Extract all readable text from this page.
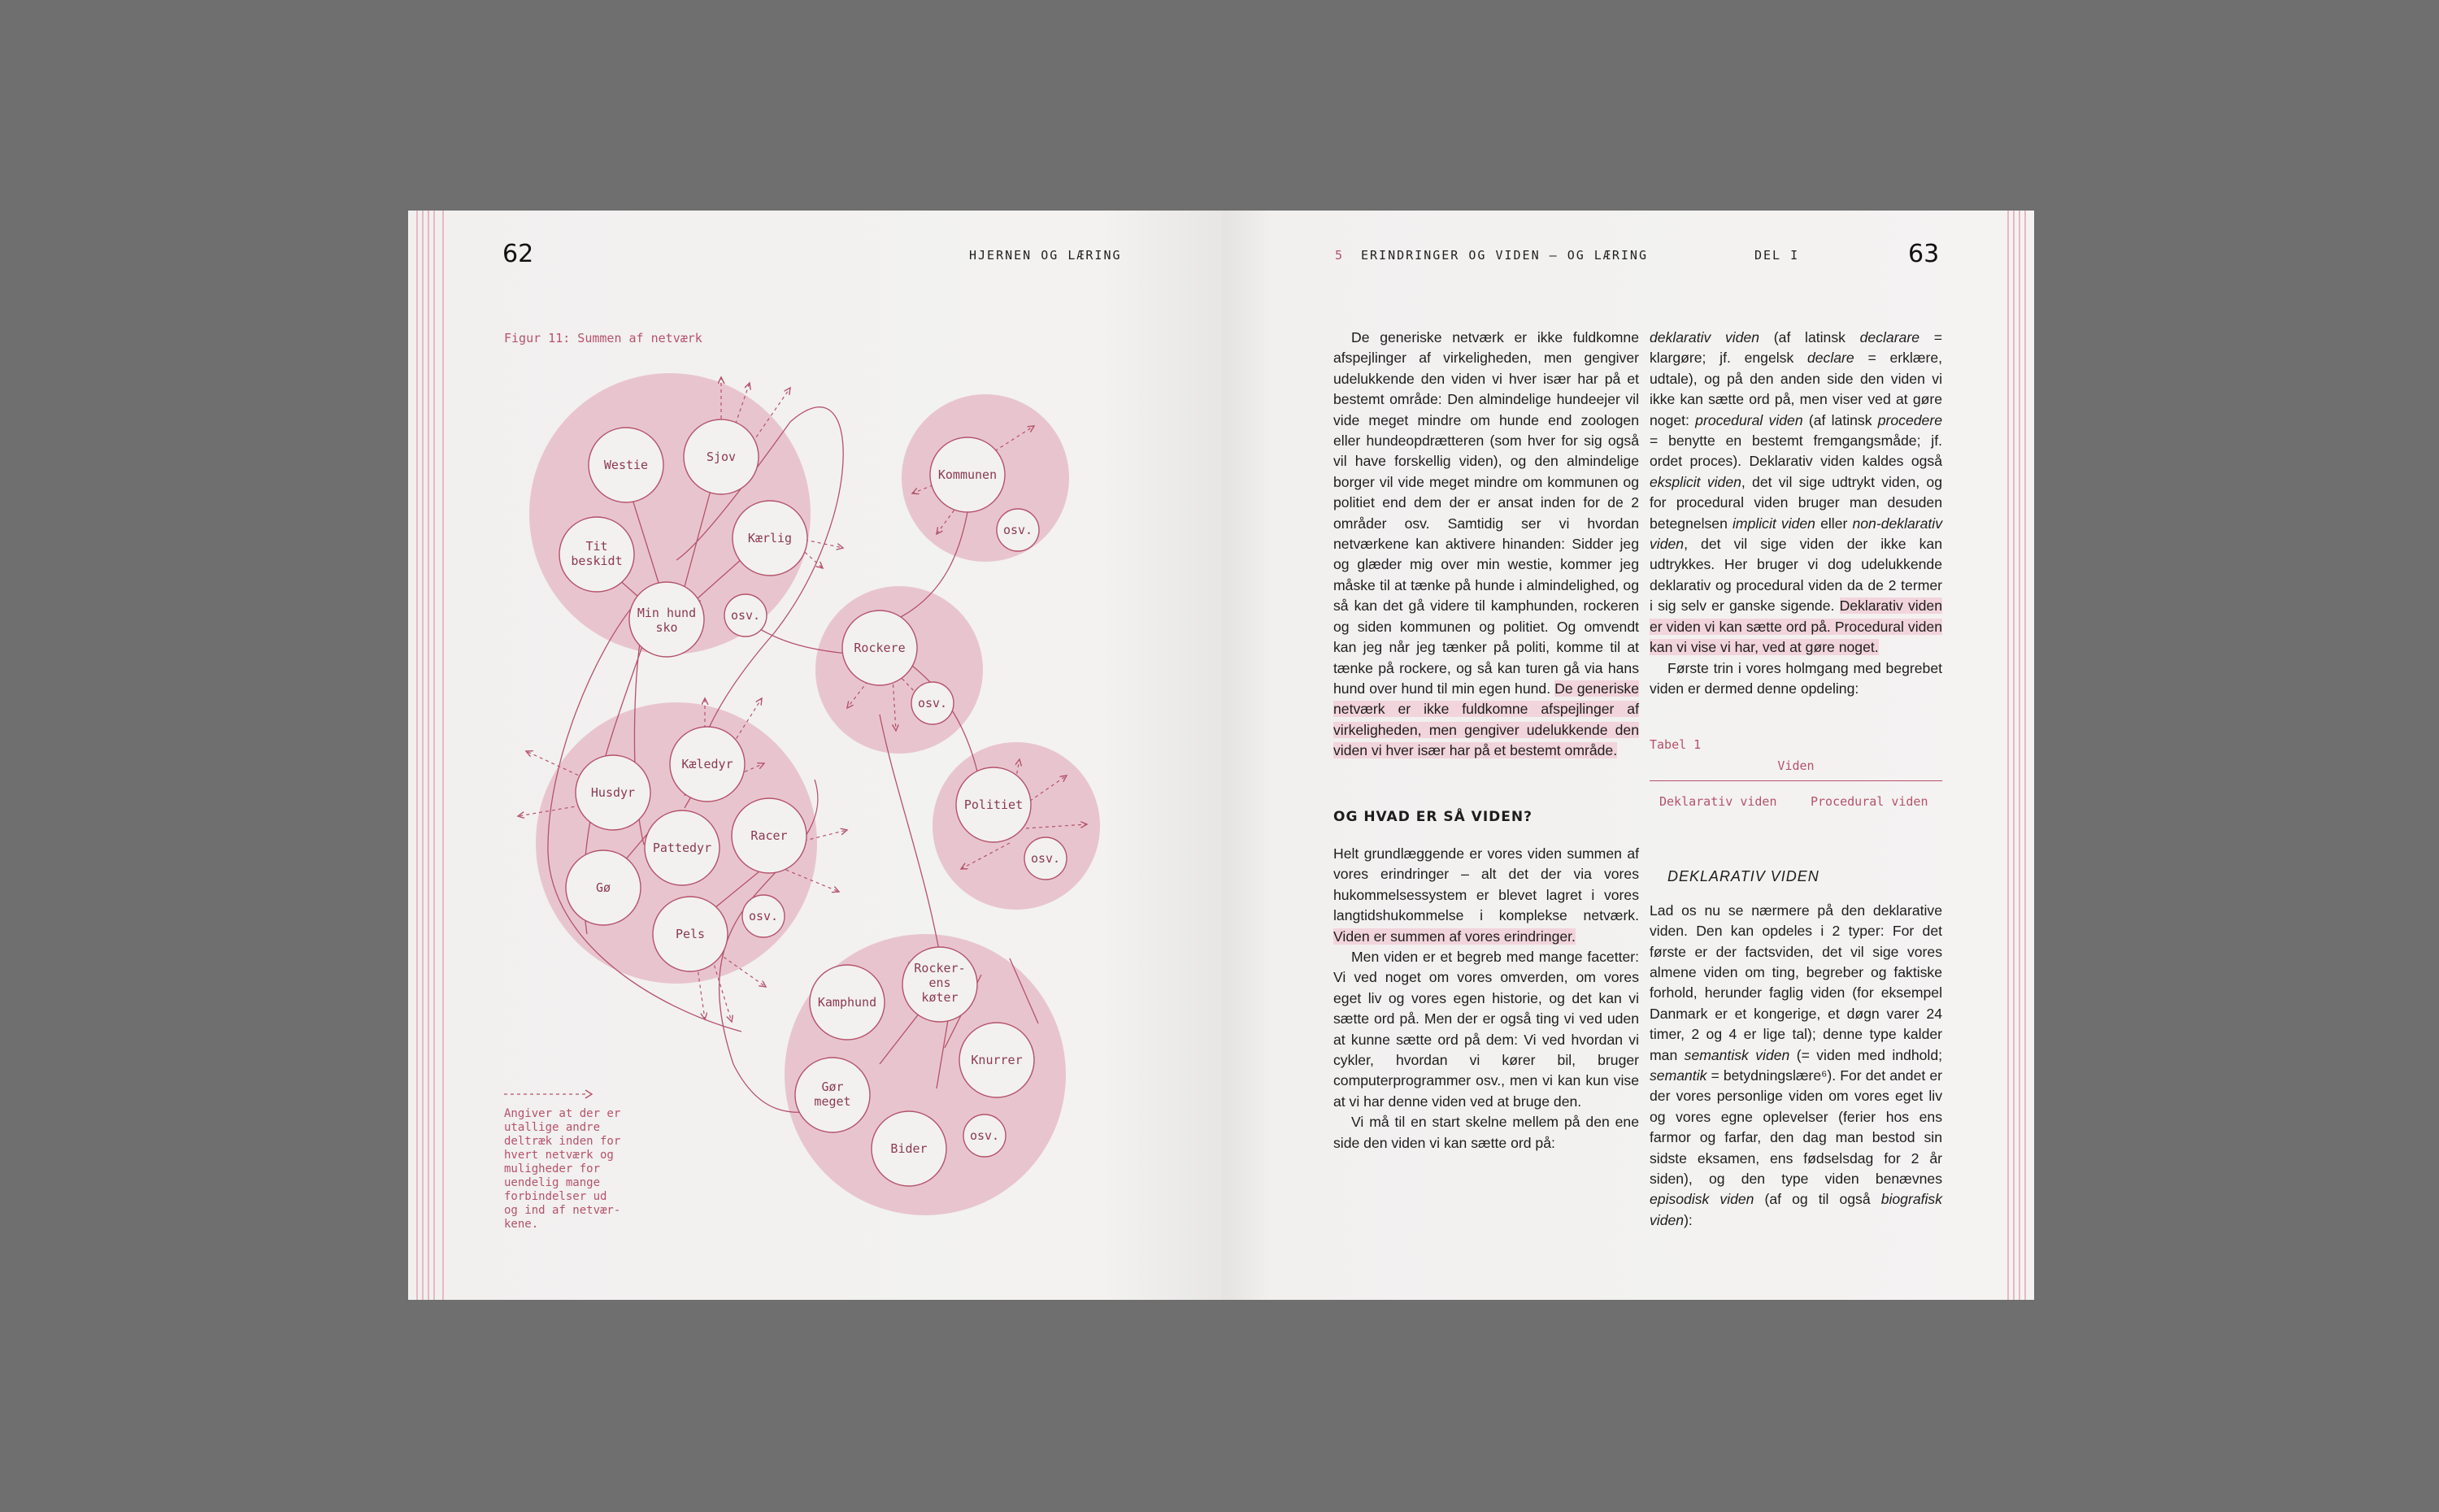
62	HJERNEN OG LÆRING
Figur 11: Summen af netværk
Westie
Sjov
Kærlig
Tit
beskidt
Min hund
sko
osv.
Kommunen
osv.
Rockere
osv.
Politiet
osv.
Kæledyr
Husdyr
Pattedyr
Racer
Gø
Pels
osv.
Rocker-
ens
køter
Kamphund
Knurrer
Gør
meget
Bider
osv.
Angiver at der er
utallige andre
deltræk inden for
hvert netværk og
muligheder for
uendelig mange
forbindelser ud
og ind af netvær-
kene.
5 ERINDRINGER OG VIDEN – OG LÆRING	DEL I	63

De generiske netværk er ikke fuldkomne afspejlinger af virkeligheden, men gengiver udelukkende den viden vi hver især har på et bestemt område: Den almindelige hundeejer vil vide meget mindre om hunde end zoologen eller hundeopdrætteren (som hver for sig også vil have forskellig viden), og den almindelige borger vil vide meget mindre om kommunen og politiet end dem der er ansat inden for de 2 områder osv. Samtidig ser vi hvordan netværkene kan aktivere hinanden: Sidder jeg og glæder mig over min westie, kommer jeg måske til at tænke på hunde i almindelighed, og så kan det gå videre til kamphunden, rockeren og siden kommunen og politiet. Og omvendt kan jeg når jeg tænker på politi, komme til at tænke på rockere, og så kan turen gå via hans hund over hund til min egen hund. De generiske netværk er ikke fuldkomne afspejlinger af virkeligheden, men gengiver udelukkende den viden vi hver især har på et bestemt område.

OG HVAD ER SÅ VIDEN?

Helt grundlæggende er vores viden summen af vores erindringer – alt det der via vores hukommelsessystem er blevet lagret i vores langtidshukommelse i komplekse netværk. Viden er summen af vores erindringer.

Men viden er et begreb med mange facetter: Vi ved noget om vores omverden, om vores eget liv og vores egen historie, og det kan vi sætte ord på. Men der er også ting vi ved uden at kunne sætte ord på dem: Vi ved hvordan vi cykler, hvordan vi kører bil, bruger computerprogrammer osv., men vi kan kun vise at vi har denne viden ved at bruge den.

Vi må til en start skelne mellem på den ene side den viden vi kan sætte ord på:

deklarativ viden (af latinsk declarare = klargøre; jf. engelsk declare = erklære, udtale), og på den anden side den viden vi ikke kan sætte ord på, men viser ved at gøre noget: procedural viden (af latinsk procedere = benytte en bestemt fremgangsmåde; jf. ordet proces). Deklarativ viden kaldes også eksplicit viden, det vil sige udtrykt viden, og for procedural viden bruger man desuden betegnelsen implicit viden eller non-deklarativ viden, det vil sige viden der ikke kan udtrykkes. Her bruger vi dog udelukkende deklarativ og procedural viden da de 2 termer i sig selv er ganske sigende. Deklarativ viden er viden vi kan sætte ord på. Procedural viden kan vi vise vi har, ved at gøre noget.

Første trin i vores holmgang med begrebet viden er dermed denne opdeling:

Tabel 1
Viden
Deklarativ viden	Procedural viden
DEKLARATIV VIDEN

Lad os nu se nærmere på den deklarative viden. Den kan opdeles i 2 typer: For det første er der factsviden, det vil sige vores almene viden om ting, begreber og faktiske forhold, herunder faglig viden (for eksempel Danmark er et kongerige, et døgn varer 24 timer, 2 og 4 er lige tal); denne type kalder man semantisk viden (= viden med indhold; semantik = betydningslære⁶). For det andet er der vores personlige viden om vores eget liv og vores egne oplevelser (ferier hos ens farmor og farfar, den dag man bestod sin sidste eksamen, ens fødselsdag for 2 år siden), og den type viden benævnes episodisk viden (af og til også biografisk viden):
